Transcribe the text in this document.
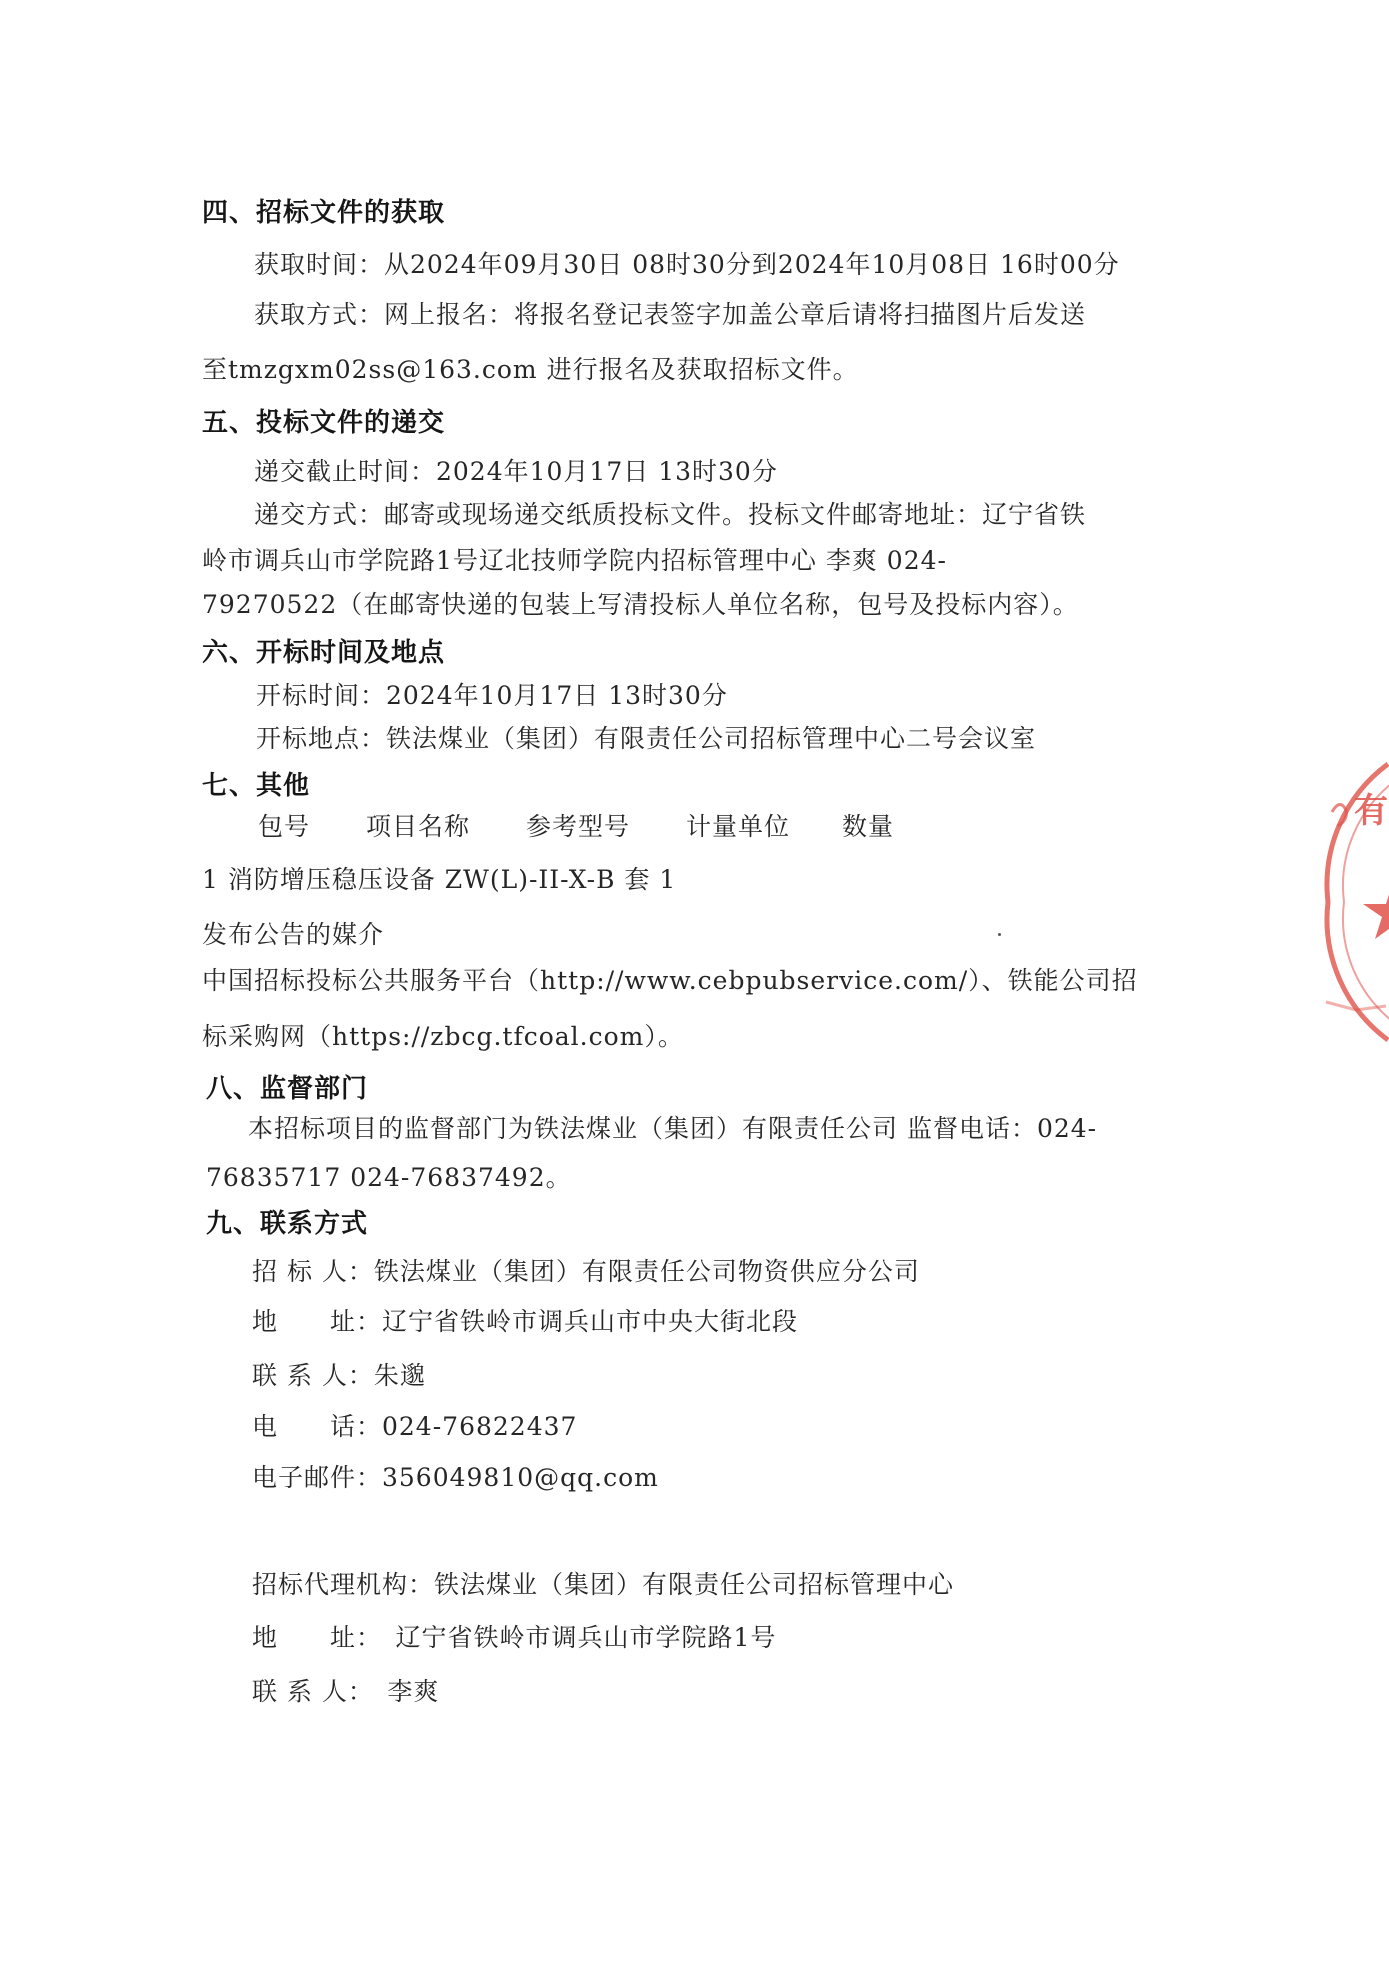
四、招标文件的获取
获取时间：从2024年09月30日 08时30分到2024年10月08日 16时00分
获取方式：网上报名：将报名登记表签字加盖公章后请将扫描图片后发送
至tmzgxm02ss@163.com 进行报名及获取招标文件。
五、投标文件的递交
递交截止时间：2024年10月17日 13时30分
递交方式：邮寄或现场递交纸质投标文件。投标文件邮寄地址：辽宁省铁
岭市调兵山市学院路1号辽北技师学院内招标管理中心 李爽 024-
79270522（在邮寄快递的包装上写清投标人单位名称，包号及投标内容）。
六、开标时间及地点
开标时间：2024年10月17日 13时30分
开标地点：铁法煤业（集团）有限责任公司招标管理中心二号会议室
七、其他
包号 项目名称 参考型号 计量单位 数量
1 消防增压稳压设备 ZW(L)-II-X-B 套 1
发布公告的媒介
中国招标投标公共服务平台（http://www.cebpubservice.com/）、铁能公司招
标采购网（https://zbcg.tfcoal.com）。
八、监督部门
本招标项目的监督部门为铁法煤业（集团）有限责任公司 监督电话：024-
76835717 024-76837492。
九、联系方式
招 标 人：铁法煤业（集团）有限责任公司物资供应分公司
地　　址：辽宁省铁岭市调兵山市中央大街北段
联 系 人：朱邈
电　　话：024-76822437
电子邮件：356049810@qq.com
招标代理机构：铁法煤业（集团）有限责任公司招标管理中心
地　　址：　辽宁省铁岭市调兵山市学院路1号
联 系 人：　李爽
有
